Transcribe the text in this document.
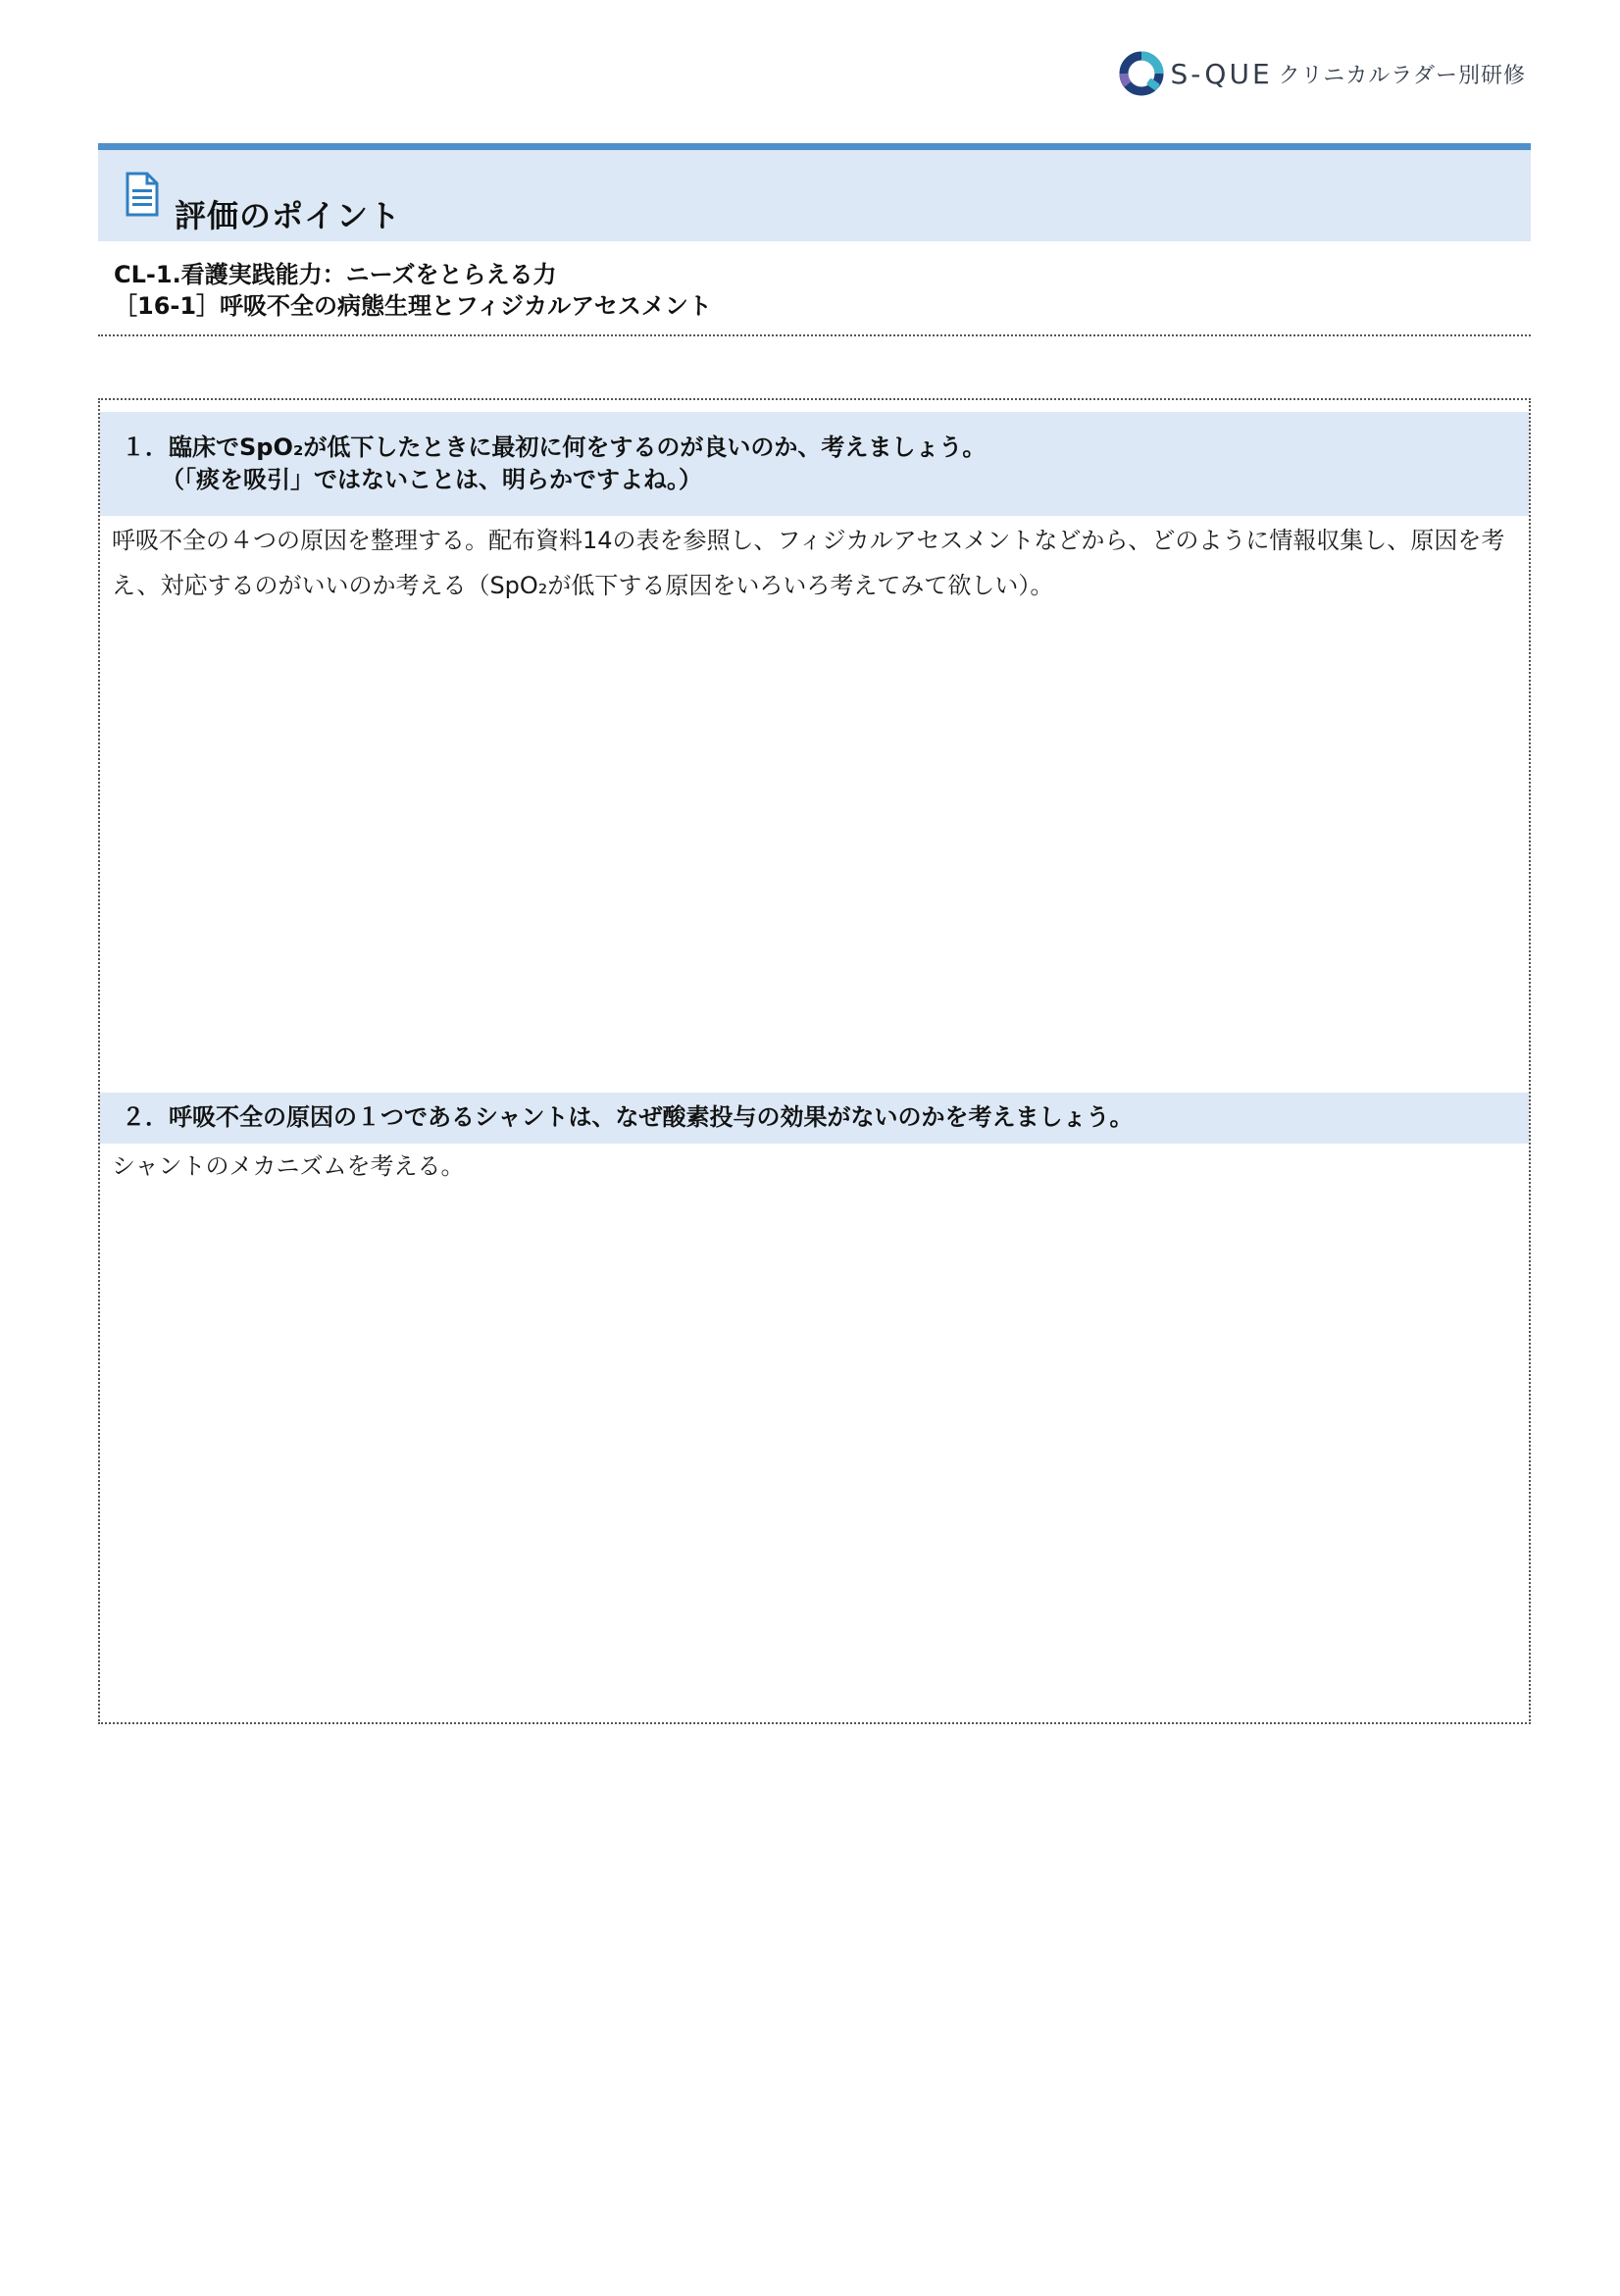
S-QUE クリニカルラダー別研修
評価のポイント
CL-1.看護実践能力：ニーズをとらえる力
［16-1］呼吸不全の病態生理とフィジカルアセスメント
１．臨床でSpO₂が低下したときに最初に何をするのが良いのか、考えましょう。
（「痰を吸引」ではないことは、明らかですよね。）
呼吸不全の４つの原因を整理する。配布資料14の表を参照し、フィジカルアセスメントなどから、どのように情報収集し、原因を考え、対応するのがいいのか考える（SpO₂が低下する原因をいろいろ考えてみて欲しい）。
２．呼吸不全の原因の１つであるシャントは、なぜ酸素投与の効果がないのかを考えましょう。
シャントのメカニズムを考える。
